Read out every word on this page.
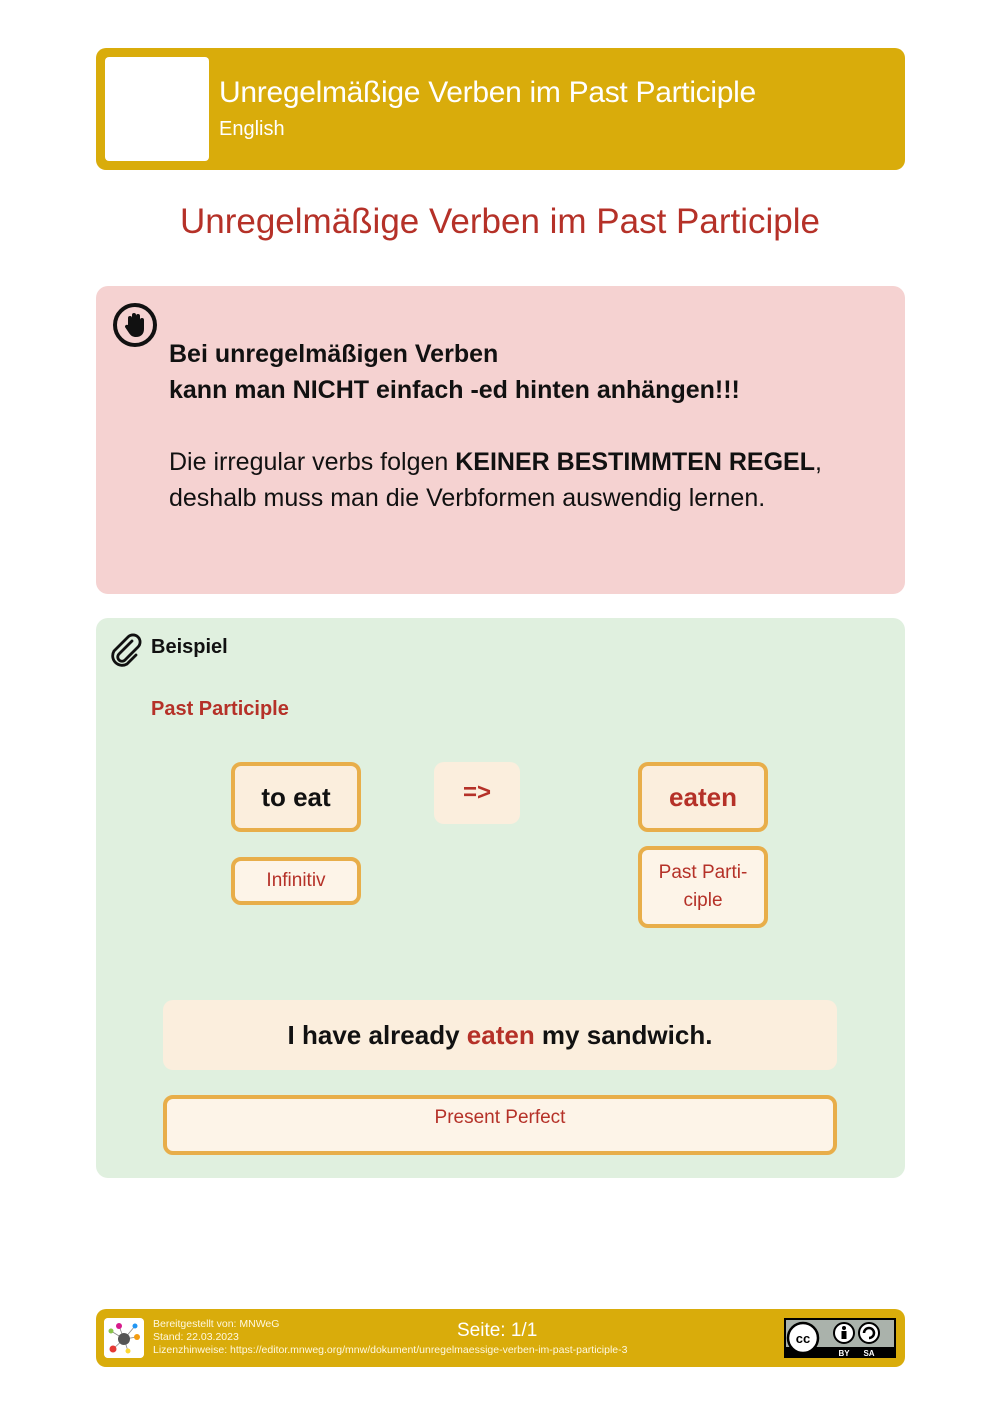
Unregelmäßige Verben im Past Participle
English
Unregelmäßige Verben im Past Participle
Bei unregelmäßigen Verben
kann man NICHT einfach -ed hinten anhängen!!!
Die irregular verbs folgen KEINER BESTIMMTEN REGEL,
deshalb muss man die Verbformen auswendig lernen.
Beispiel
Past Participle
to eat	=>	eaten
Infinitiv	Past Parti-
ciple
I have already eaten my sandwich.
Present Perfect
Bereitgestellt von: MNWeG
Stand: 22.03.2023
Lizenzhinweise: https://editor.mnweg.org/mnw/dokument/unregelmaessige-verben-im-past-participle-3
Seite: 1/1	cc
BY SA
